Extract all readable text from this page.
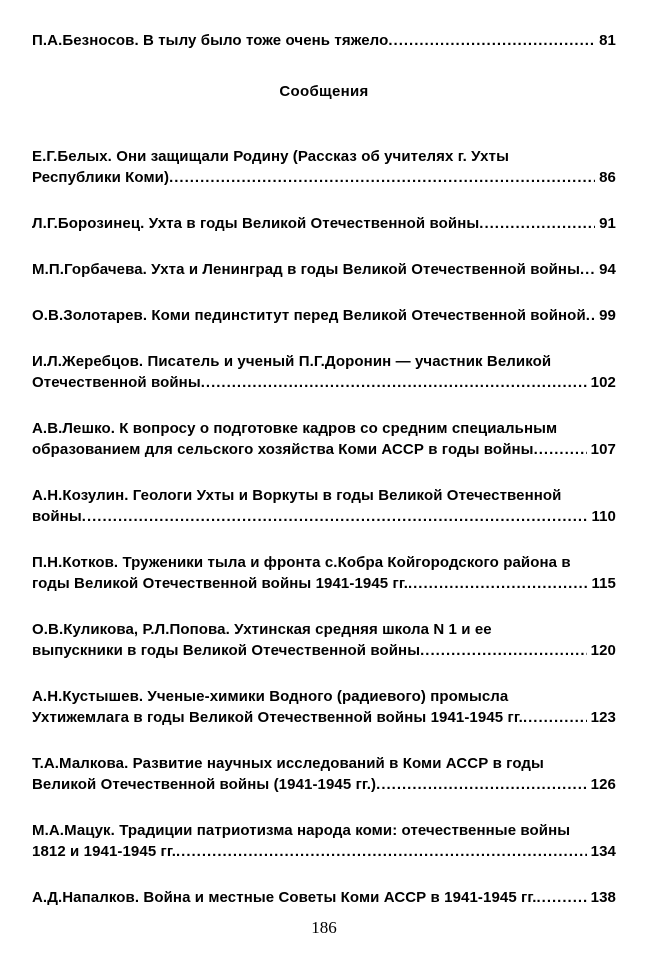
П.А.Безносов. В тылу было тоже очень тяжело .....	81
Сообщения
Е.Г.Белых. Они защищали Родину (Рассказ об учителях г. Ухты Республики Коми) .....	86
Л.Г.Борозинец. Ухта в годы Великой Отечественной войны .....	91
М.П.Горбачева. Ухта и Ленинград в годы Великой Отечественной войны .....	94
О.В.Золотарев. Коми пединститут перед Великой Отечественной войной ..... 99
И.Л.Жеребцов. Писатель и ученый П.Г.Доронин — участник Великой Отечественной войны .....	102
А.В.Лешко. К вопросу о подготовке кадров со средним специальным образованием для сельского хозяйства Коми АССР в годы войны .....	107
А.Н.Козулин. Геологи Ухты и Воркуты в годы Великой Отечественной войны .....	110
П.Н.Котков. Труженики тыла и фронта с.Кобра Койгородского района в годы Великой Отечественной войны 1941-1945 гг. .....	115
О.В.Куликова, Р.Л.Попова. Ухтинская средняя школа N 1 и ее выпускники в годы Великой Отечественной войны .....	120
А.Н.Кустышев. Ученые-химики Водного (радиевого) промысла Ухтижемлага в годы Великой Отечественной войны 1941-1945 гг. .....	123
Т.А.Малкова. Развитие научных исследований в Коми АССР в годы Великой Отечественной войны (1941-1945 гг.) .....	126
М.А.Мацук. Традиции патриотизма народа коми: отечественные войны 1812 и 1941-1945 гг. .....	134
А.Д.Напалков. Война и местные Советы Коми АССР в 1941-1945 гг. .....	138
186
